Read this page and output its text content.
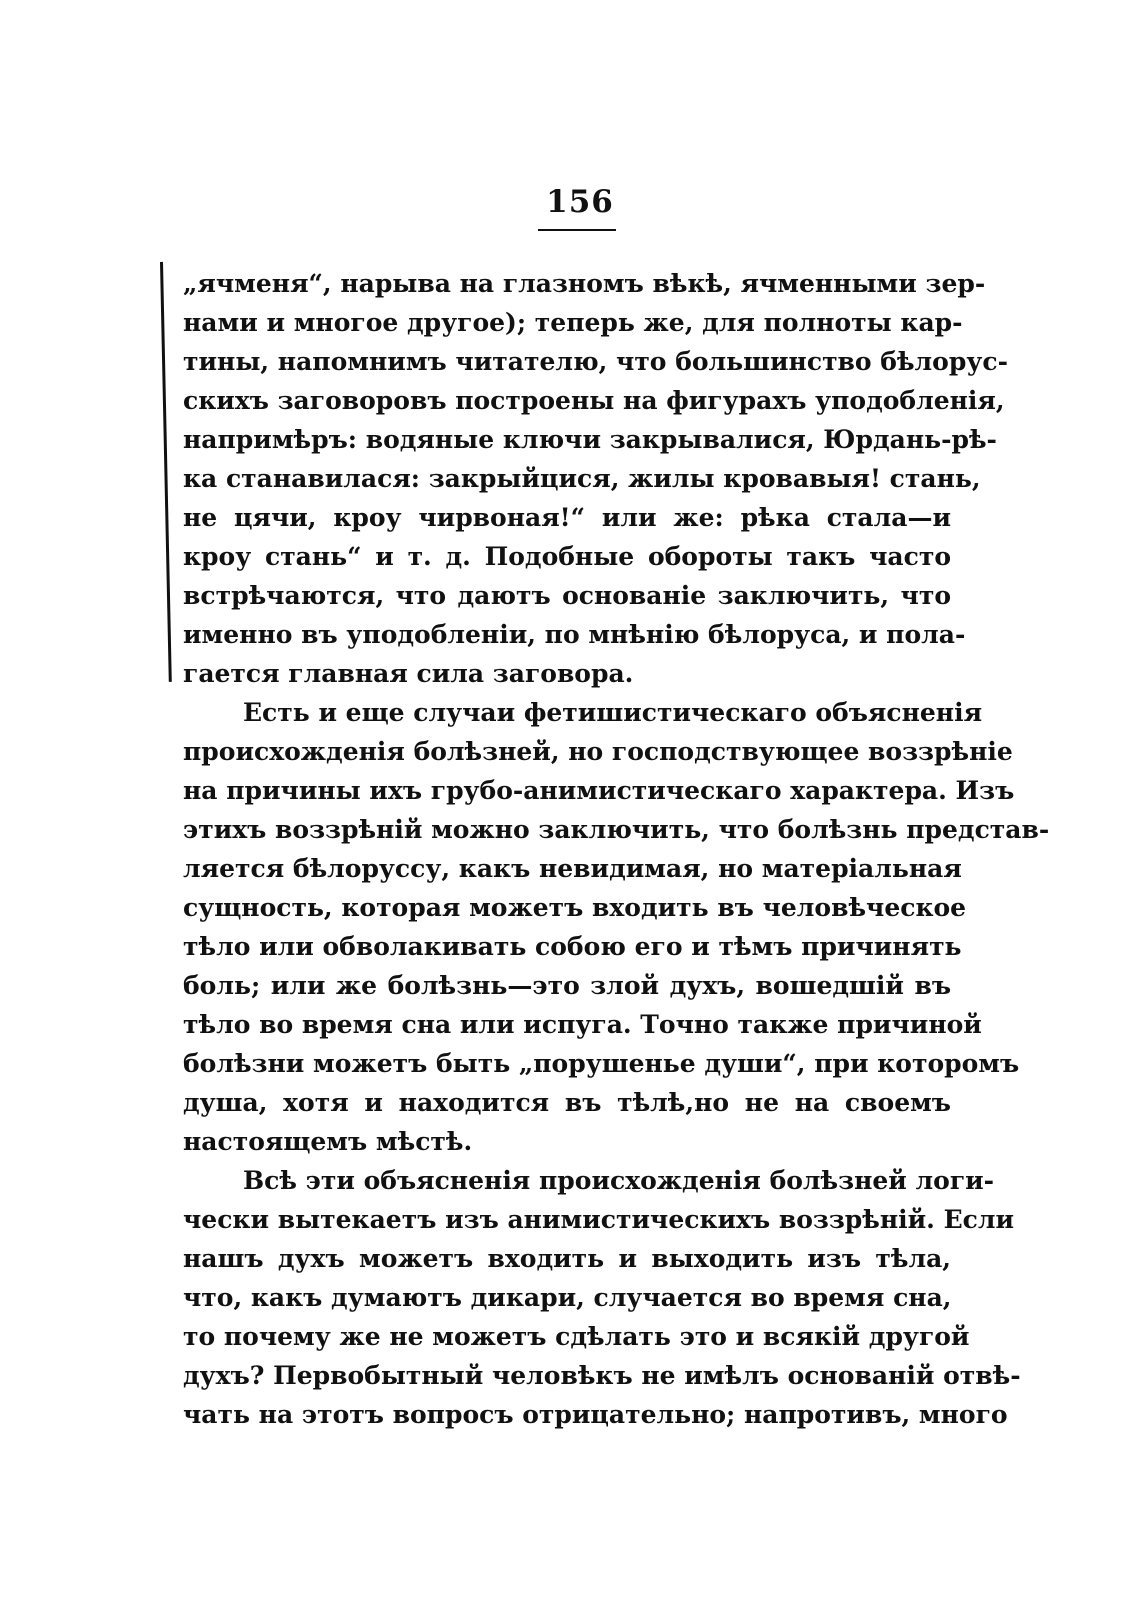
156
„ячменя“, нарыва на глазномъ вѣкѣ, ячменными зер-
нами и многое другое); теперь же, для полноты кар-
тины, напомнимъ читателю, что большинство бѣлорус-
скихъ заговоровъ построены на фигурахъ уподобленія,
напримѣръ: водяные ключи закрывалися, Юрдань-рѣ-
ка станавилася: закрыйцися, жилы кровавыя! стань,
не цячи, кроу чирвоная!“ или же: рѣка стала—и
кроу стань“ и т. д. Подобные обороты такъ часто
встрѣчаются, что даютъ основаніе заключить, что
именно въ уподобленіи, по мнѣнію бѣлоруса, и пола-
гается главная сила заговора.
Есть и еще случаи фетишистическаго объясненія
происхожденія болѣзней, но господствующее воззрѣніе
на причины ихъ грубо-анимистическаго характера. Изъ
этихъ воззрѣній можно заключить, что болѣзнь представ-
ляется бѣлоруссу, какъ невидимая, но матеріальная
сущность, которая можетъ входить въ человѣческое
тѣло или обволакивать собою его и тѣмъ причинять
боль; или же болѣзнь—это злой духъ, вошедшій въ
тѣло во время сна или испуга. Точно также причиной
болѣзни можетъ быть „порушенье души“, при которомъ
душа, хотя и находится въ тѣлѣ,но не на своемъ
настоящемъ мѣстѣ.
Всѣ эти объясненія происхожденія болѣзней логи-
чески вытекаетъ изъ анимистическихъ воззрѣній. Если
нашъ духъ можетъ входить и выходить изъ тѣла,
что, какъ думаютъ дикари, случается во время сна,
то почему же не можетъ сдѣлать это и всякій другой
духъ? Первобытный человѣкъ не имѣлъ основаній отвѣ-
чать на этотъ вопросъ отрицательно; напротивъ, много
